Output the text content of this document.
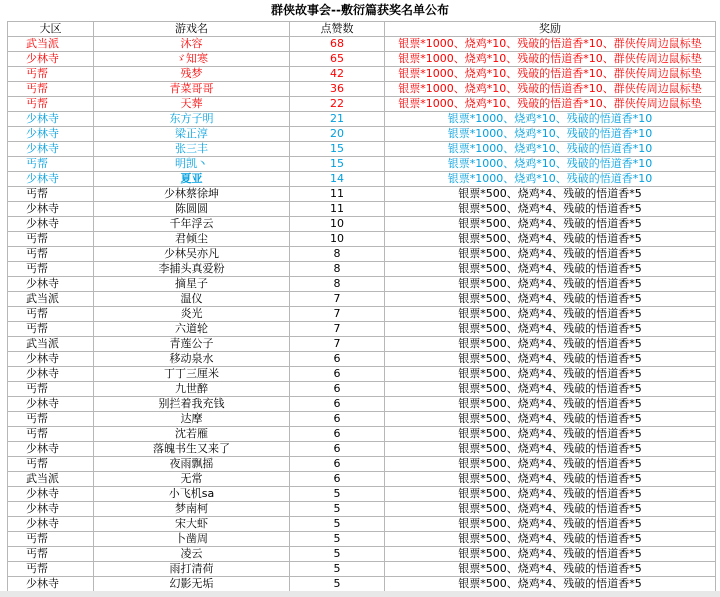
群侠故事会--敷衍篇获奖名单公布
大区	游戏名	点赞数	奖励
武当派	沐容	68	银票*1000、烧鸡*10、残破的悟道香*10、群侠传周边鼠标垫
少林寺	ゞ知寒	65	银票*1000、烧鸡*10、残破的悟道香*10、群侠传周边鼠标垫
丐帮	残梦	42	银票*1000、烧鸡*10、残破的悟道香*10、群侠传周边鼠标垫
丐帮	青菜哥哥	36	银票*1000、烧鸡*10、残破的悟道香*10、群侠传周边鼠标垫
丐帮	天葬	22	银票*1000、烧鸡*10、残破的悟道香*10、群侠传周边鼠标垫
少林寺	东方子明	21	银票*1000、烧鸡*10、残破的悟道香*10
少林寺	梁正淳	20	银票*1000、烧鸡*10、残破的悟道香*10
少林寺	张三丰	15	银票*1000、烧鸡*10、残破的悟道香*10
丐帮	明凯丶	15	银票*1000、烧鸡*10、残破的悟道香*10
少林寺	夏亚	14	银票*1000、烧鸡*10、残破的悟道香*10
丐帮	少林蔡徐坤	11	银票*500、烧鸡*4、残破的悟道香*5
少林寺	陈圆圆	11	银票*500、烧鸡*4、残破的悟道香*5
少林寺	千年浮云	10	银票*500、烧鸡*4、残破的悟道香*5
丐帮	君倾尘	10	银票*500、烧鸡*4、残破的悟道香*5
丐帮	少林吴亦凡	8	银票*500、烧鸡*4、残破的悟道香*5
丐帮	李捕头真爱粉	8	银票*500、烧鸡*4、残破的悟道香*5
少林寺	摘星子	8	银票*500、烧鸡*4、残破的悟道香*5
武当派	温仪	7	银票*500、烧鸡*4、残破的悟道香*5
丐帮	炎光	7	银票*500、烧鸡*4、残破的悟道香*5
丐帮	六道轮	7	银票*500、烧鸡*4、残破的悟道香*5
武当派	青莲公子	7	银票*500、烧鸡*4、残破的悟道香*5
少林寺	移动泉水	6	银票*500、烧鸡*4、残破的悟道香*5
少林寺	丁丁三厘米	6	银票*500、烧鸡*4、残破的悟道香*5
丐帮	九世醉	6	银票*500、烧鸡*4、残破的悟道香*5
少林寺	别拦着我充钱	6	银票*500、烧鸡*4、残破的悟道香*5
丐帮	达摩	6	银票*500、烧鸡*4、残破的悟道香*5
丐帮	沈若雁	6	银票*500、烧鸡*4、残破的悟道香*5
少林寺	落魄书生又来了	6	银票*500、烧鸡*4、残破的悟道香*5
丐帮	夜雨飘摇	6	银票*500、烧鸡*4、残破的悟道香*5
武当派	无常	6	银票*500、烧鸡*4、残破的悟道香*5
少林寺	小飞机sa	5	银票*500、烧鸡*4、残破的悟道香*5
少林寺	梦南柯	5	银票*500、烧鸡*4、残破的悟道香*5
少林寺	宋大虾	5	银票*500、烧鸡*4、残破的悟道香*5
丐帮	卜凿周	5	银票*500、烧鸡*4、残破的悟道香*5
丐帮	凌云	5	银票*500、烧鸡*4、残破的悟道香*5
丐帮	雨打清荷	5	银票*500、烧鸡*4、残破的悟道香*5
少林寺	幻影无垢	5	银票*500、烧鸡*4、残破的悟道香*5
